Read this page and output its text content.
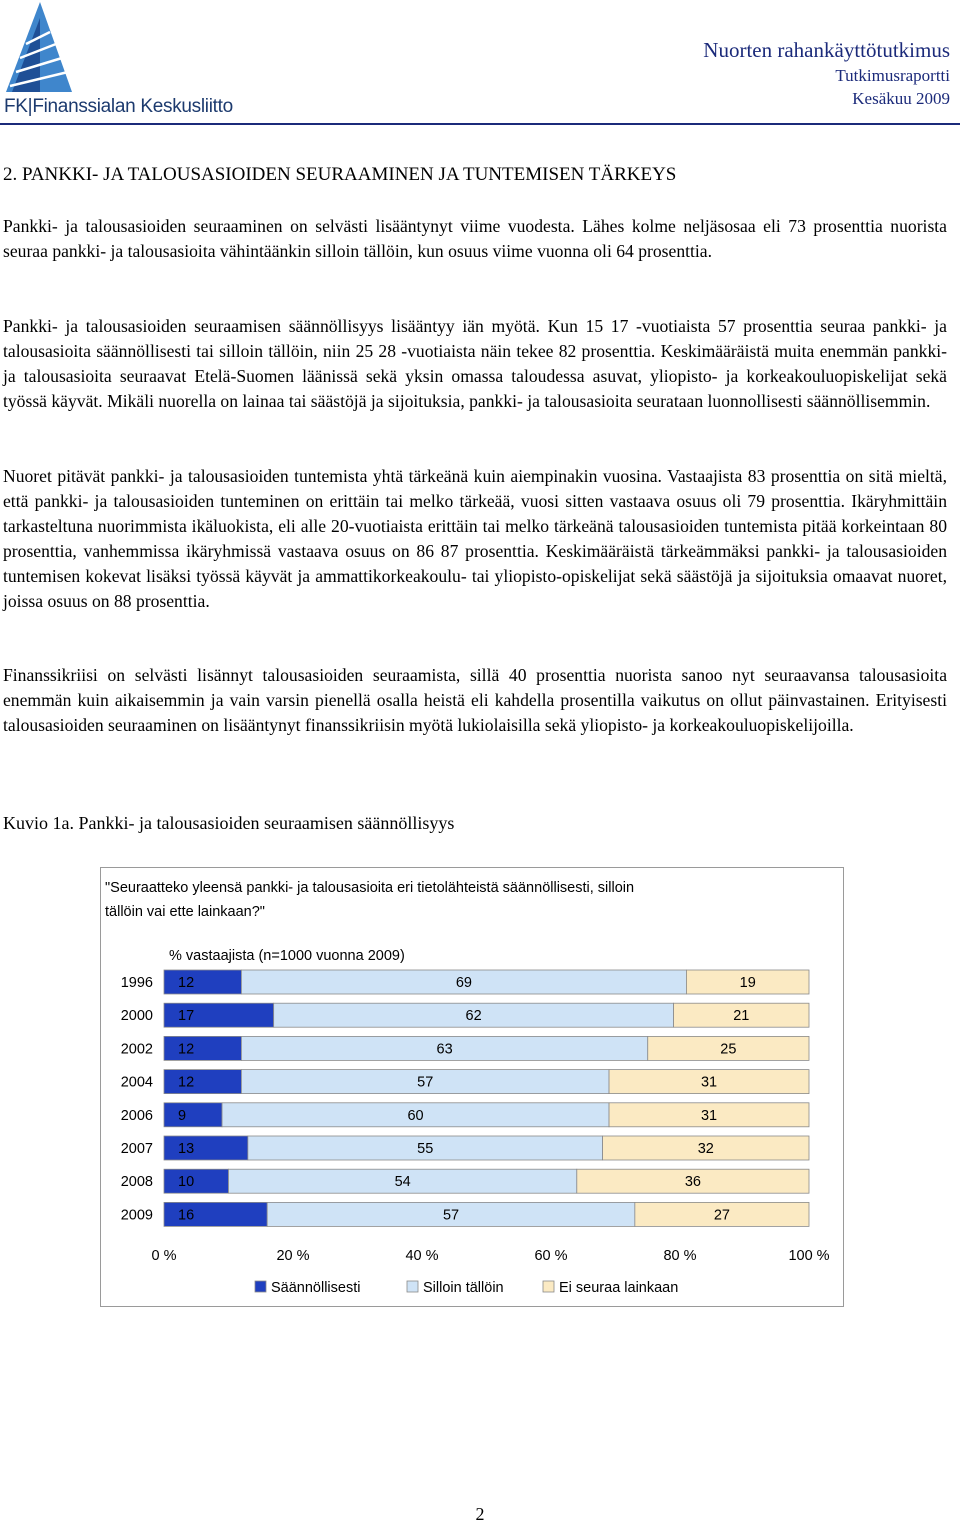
FK|Finanssialan Keskusliitto
Nuorten rahankäyttötutkimus
Tutkimusraportti
Kesäkuu 2009
2. PANKKI- JA TALOUSASIOIDEN SEURAAMINEN JA TUNTEMISEN TÄRKEYS

Pankki- ja talousasioiden seuraaminen on selvästi lisääntynyt viime vuodesta. Lähes kolme neljäsosaa eli 73 prosenttia nuorista seuraa pankki- ja talousasioita vähintäänkin silloin tällöin, kun osuus viime vuonna oli 64 prosenttia.

Pankki- ja talousasioiden seuraamisen säännöllisyys lisääntyy iän myötä. Kun 15 17 -vuotiaista 57 prosenttia seuraa pankki- ja talousasioita säännöllisesti tai silloin tällöin, niin 25 28 -vuotiaista näin tekee 82 prosenttia. Keskimääräistä muita enemmän pankki- ja talousasioita seuraavat Etelä-Suomen läänissä sekä yksin omassa taloudessa asuvat, yliopisto- ja korkeakouluopiskelijat sekä työssä käyvät. Mikäli nuorella on lainaa tai säästöjä ja sijoituksia, pankki- ja talousasioita seurataan luonnollisesti säännöllisemmin.

Nuoret pitävät pankki- ja talousasioiden tuntemista yhtä tärkeänä kuin aiempinakin vuosina. Vastaajista 83 prosenttia on sitä mieltä, että pankki- ja talousasioiden tunteminen on erittäin tai melko tärkeää, vuosi sitten vastaava osuus oli 79 prosenttia. Ikäryhmittäin tarkasteltuna nuorimmista ikäluokista, eli alle 20-vuotiaista erittäin tai melko tärkeänä talousasioiden tuntemista pitää korkeintaan 80 prosenttia, vanhemmissa ikäryhmissä vastaava osuus on 86 87 prosenttia. Keskimääräistä tärkeämmäksi pankki- ja talousasioiden tuntemisen kokevat lisäksi työssä käyvät ja ammattikorkeakoulu- tai yliopisto-opiskelijat sekä säästöjä ja sijoituksia omaavat nuoret, joissa osuus on 88 prosenttia.

Finanssikriisi on selvästi lisännyt talousasioiden seuraamista, sillä 40 prosenttia nuorista sanoo nyt seuraavansa talousasioita enemmän kuin aikaisemmin ja vain varsin pienellä osalla heistä eli kahdella prosentilla vaikutus on ollut päinvastainen. Erityisesti talousasioiden seuraaminen on lisääntynyt finanssikriisin myötä lukiolaisilla sekä yliopisto- ja korkeakouluopiskelijoilla.

Kuvio 1a. Pankki- ja talousasioiden seuraamisen säännöllisyys
"Seuraatteko yleensä pankki- ja talousasioita eri tietolähteistä säännöllisesti, silloin
tällöin vai ette lainkaan?"
% vastaajista (n=1000 vuonna 2009)
1996 12	69	19
2000 17	62	21
2002 12	63	25
2004 12	57	31
2006 9	60	31
2007 13	55	32
2008 10	54	36
2009 16	57	27
0 %	20 %	40 %	60 %	80 %	100 %
Säännöllisesti	Silloin tällöin	Ei seuraa lainkaan
2
